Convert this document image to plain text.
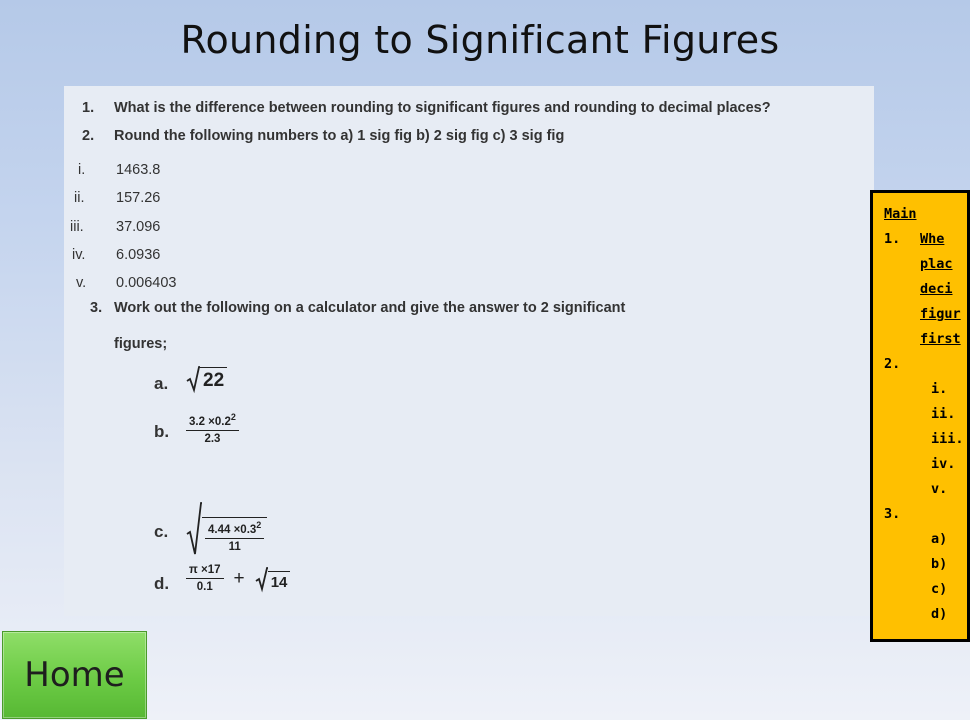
Rounding to Significant Figures
1. What is the difference between rounding to significant figures and rounding to decimal places?
2. Round the following numbers to a) 1 sig fig b) 2 sig fig c) 3 sig fig
i. 1463.8
ii. 157.26
iii. 37.096
iv. 6.0936
v. 0.006403
3. Work out the following on a calculator and give the answer to 2 significant
figures;
a. 22
b. $\frac{3.2 \times 0.2^2}{2.3}$
c.	$\frac{4.44 \times 0.3^2}{11}$
d. $\frac{\pi \times 17}{0.1} + 14$
Main
1. Whe
plac
deci
figur
first
2.
i.
ii.
iii.
iv.
v.
3.
a)
b)
c)
d)
Home
